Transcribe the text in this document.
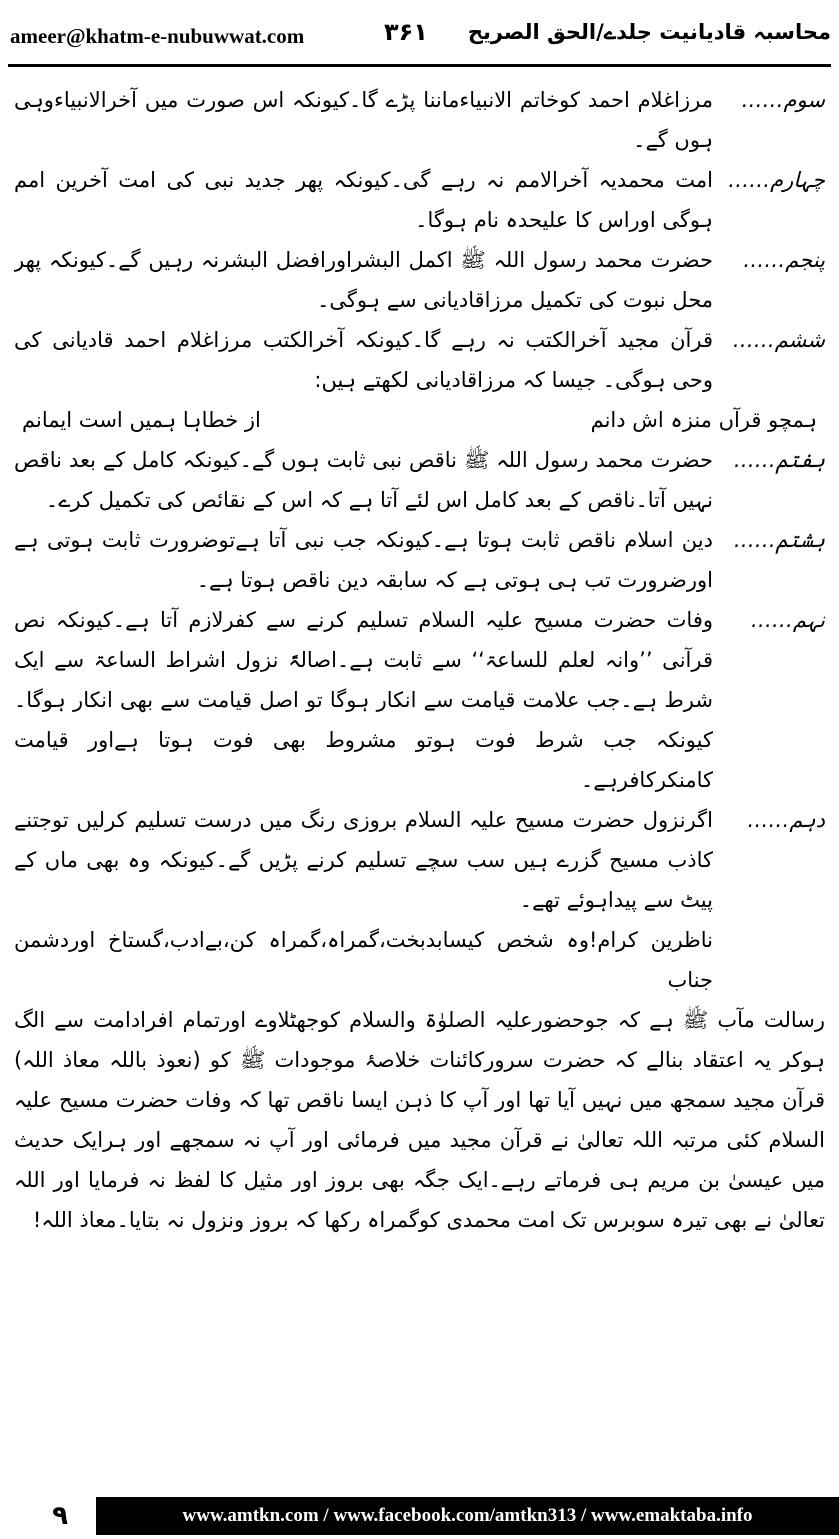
ameer@khatm-e-nubuwwat.com	۳۶۱ محاسبہ قادیانیت جلدے/الحق الصریح
سوم……
مرزاغلام احمد کوخاتم الانبیاءماننا پڑے گا۔کیونکہ اس صورت میں آخرالانبیاءوہی ہوں گے۔
چہارم……
امت محمدیہ آخرالامم نہ رہے گی۔کیونکہ پھر جدید نبی کی امت آخرین امم ہوگی اوراس کا علیحدہ نام ہوگا۔
پنجم……
حضرت محمد رسول اللہ ﷺ اکمل البشراورافضل البشرنہ رہیں گے۔کیونکہ پھر محل نبوت کی تکمیل مرزاقادیانی سے ہوگی۔
ششم……
قرآن مجید آخرالکتب نہ رہے گا۔کیونکہ آخرالکتب مرزاغلام احمد قادیانی کی وحی ہوگی۔ جیسا کہ مرزاقادیانی لکھتے ہیں:
ہمچو قرآں منزہ اش دانم
از خطاہا ہمیں است ایمانم
ہفتم……
حضرت محمد رسول اللہ ﷺ ناقص نبی ثابت ہوں گے۔کیونکہ کامل کے بعد ناقص نہیں آتا۔ناقص کے بعد کامل اس لئے آتا ہے کہ اس کے نقائص کی تکمیل کرے۔
ہشتم……
دین اسلام ناقص ثابت ہوتا ہے۔کیونکہ جب نبی آتا ہےتوضرورت ثابت ہوتی ہے اورضرورت تب ہی ہوتی ہے کہ سابقہ دین ناقص ہوتا ہے۔
نہم……
وفات حضرت مسیح علیہ السلام تسلیم کرنے سے کفرلازم آتا ہے۔کیونکہ نص قرآنی ’’وانہ لعلم للساعۃ‘‘ سے ثابت ہے۔اصالۃً نزول اشراط الساعۃ سے ایک شرط ہے۔جب علامت قیامت سے انکار ہوگا تو اصل قیامت سے بھی انکار ہوگا۔کیونکہ جب شرط فوت ہوتو مشروط بھی فوت ہوتا ہےاور قیامت کامنکرکافرہے۔
دہم……
اگرنزول حضرت مسیح علیہ السلام بروزی رنگ میں درست تسلیم کرلیں توجتنے کاذب مسیح گزرے ہیں سب سچے تسلیم کرنے پڑیں گے۔کیونکہ وہ بھی ماں کے پیٹ سے پیداہوئے تھے۔
ناظرین کرام!وہ شخص کیسابدبخت،گمراہ،گمراہ کن،بےادب،گستاخ اوردشمن جناب
رسالت مآب ﷺ ہے کہ جوحضورعلیہ الصلوٰۃ والسلام کوجھٹلاوے اورتمام افرادامت سے الگ ہوکر یہ اعتقاد بنالے کہ حضرت سرورکائنات خلاصۂ موجودات ﷺ کو (نعوذ باللہ معاذ اللہ) قرآن مجید سمجھ میں نہیں آیا تھا اور آپ کا ذہن ایسا ناقص تھا کہ وفات حضرت مسیح علیہ السلام کئی مرتبہ اللہ تعالیٰ نے قرآن مجید میں فرمائی اور آپ نہ سمجھے اور ہرایک حدیث میں عیسیٰ بن مریم ہی فرماتے رہے۔ایک جگہ بھی بروز اور مثیل کا لفظ نہ فرمایا اور اللہ تعالیٰ نے بھی تیرہ سوبرس تک امت محمدی کوگمراہ رکھا کہ بروز ونزول نہ بتایا۔معاذ اللہ!
۹	www.amtkn.com / www.facebook.com/amtkn313 / www.emaktaba.info
